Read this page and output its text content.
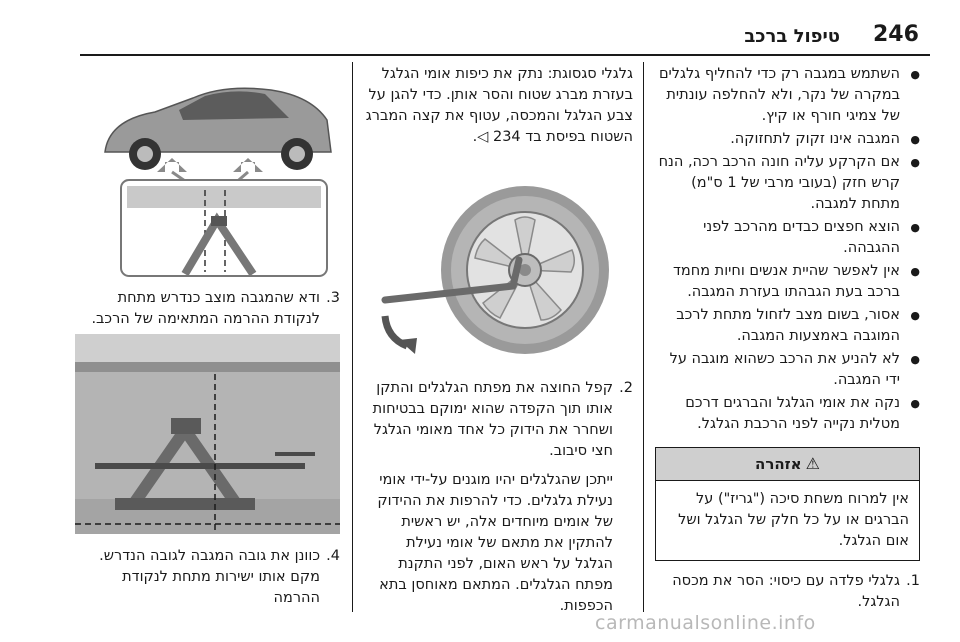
246
טיפול ברכב
● השתמש במגבה רק כדי להחליף גלגלים במקרה של נקר, ולא להחלפה עונתית של צמיגי חורף או קיץ.
● המגבה אינו זקוק לתחזוקה.
● אם הקרקע עליה חונה הרכב רכה, הנח קרש חזק (בעובי מרבי של 1 ס"מ) מתחת למגבה.
● הוצא חפצים כבדים מהרכב לפני ההגבהה.
● אין לאפשר שהיית אנשים וחיות מחמד ברכב בעת הגבהתו בעזרת המגבה.
● אסור, בשום מצב לזחול מתחת לרכב המוגבה באמצעות המגבה.
● לא להניע את הרכב כשהוא מוגבה על ידי המגבה.
● נקה את אומי הגלגל והברגים דרכם מטלית נקייה לפני הרכבת הגלגל.
⚠אזהרה
אין למרוח משחת סיכה ("גריז") על הברגים או על כל חלק של הגלגל ושל אום הגלגל.
1.
גלגלי פלדה עם כיסוי: הסר את מכסה הגלגל.

גלגלי סגסוגת: נתק את כיפות אומי הגלגל בעזרת מברג שטוח והסר אותן. כדי להגן על צבע הגלגל והמכסה, עטוף את קצה המברג השטוח בפיסת בד 234 ◁.

2.

קפל החוצה את מפתח הגלגלים והתקן אותו תוך הקפדה שהוא ימוקם בבטיחות ושחרר את הידוק כל אחד מאומי הגלגל חצי סיבוב.

ייתכן שהגלגלים יהיו מוגנים על-ידי אומי נעילת גלגלים. כדי להרפות את ההידוק של אומים מיוחדים אלה, יש ראשית להתקין את מתאם של אומי נעילת הגלגל על ראש האום, לפני התקנת מפתח הגלגלים. המתאם מאוחסן בתא הכפפות.

3.
ודא שהמגבה מוצב כנדרש מתחת לנקודת ההרמה המתאימה של הרכב.
4.
כוונן את גובה המגבה לגובה הנדרש. מקם אותו ישירות מתחת לנקודת ההרמה
carmanualsonline.info
